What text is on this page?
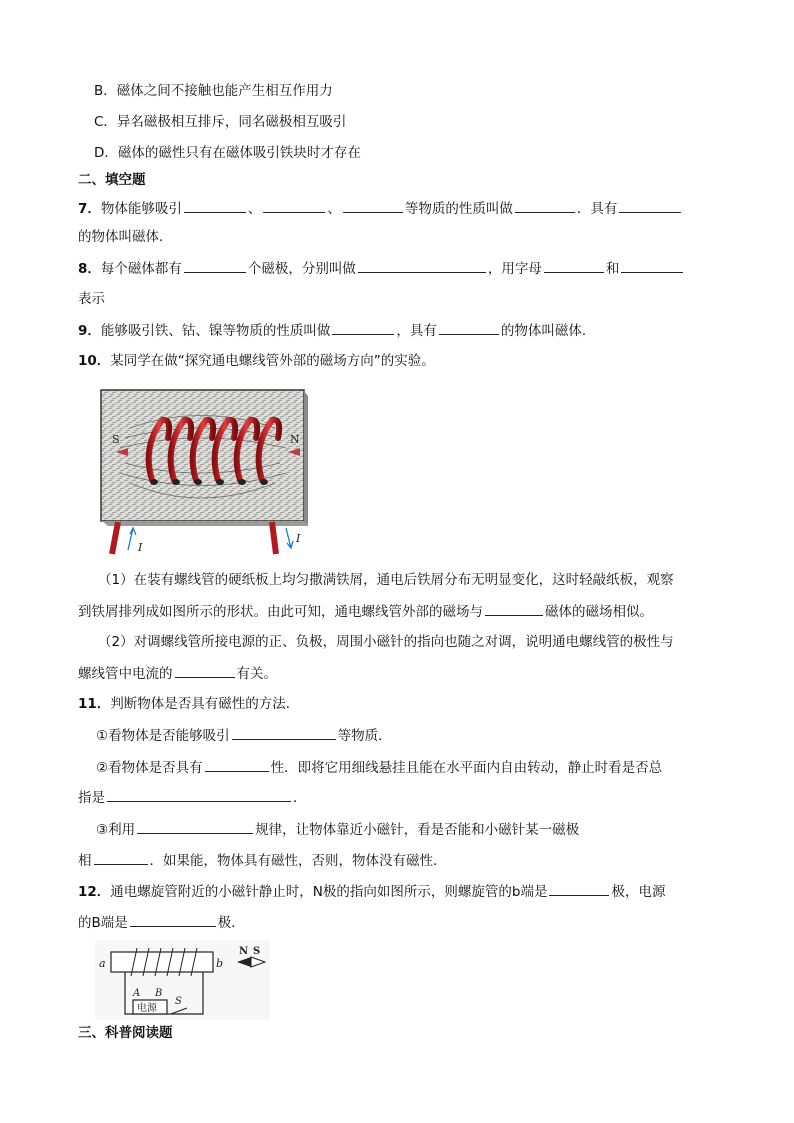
B．磁体之间不接触也能产生相互作用力
C．异名磁极相互排斥，同名磁极相互吸引
D．磁体的磁性只有在磁体吸引铁块时才存在
二、填空题
7．物体能够吸引	、	、	等物质的性质叫做	．具有
的物体叫磁体．
8．每个磁体都有	个磁极，分别叫做	，用字母	和
表示
9．能够吸引铁、钴、镍等物质的性质叫做	，具有	的物体叫磁体．
10．某同学在做“探究通电螺线管外部的磁场方向”的实验。
S	N
I
I
（1）在装有螺线管的硬纸板上均匀撒满铁屑，通电后铁屑分布无明显变化，这时轻敲纸板，观察
到铁屑排列成如图所示的形状。由此可知，通电螺线管外部的磁场与	磁体的磁场相似。
（2）对调螺线管所接电源的正、负极，周围小磁针的指向也随之对调，说明通电螺线管的极性与
螺线管中电流的	有关。
11．判断物体是否具有磁性的方法．
①看物体是否能够吸引	等物质．
②看物体是否具有	性．即将它用细线悬挂且能在水平面内自由转动，静止时看是否总
指是	．
③利用	规律，让物体靠近小磁针，看是否能和小磁针某一磁极
相	．如果能，物体具有磁性，否则，物体没有磁性．
12．通电螺旋管附近的小磁针静止时，N极的指向如图所示，则螺旋管的b端是	极，电源
的B端是	极．
a	b
N S
A B
电源
S
三、科普阅读题
